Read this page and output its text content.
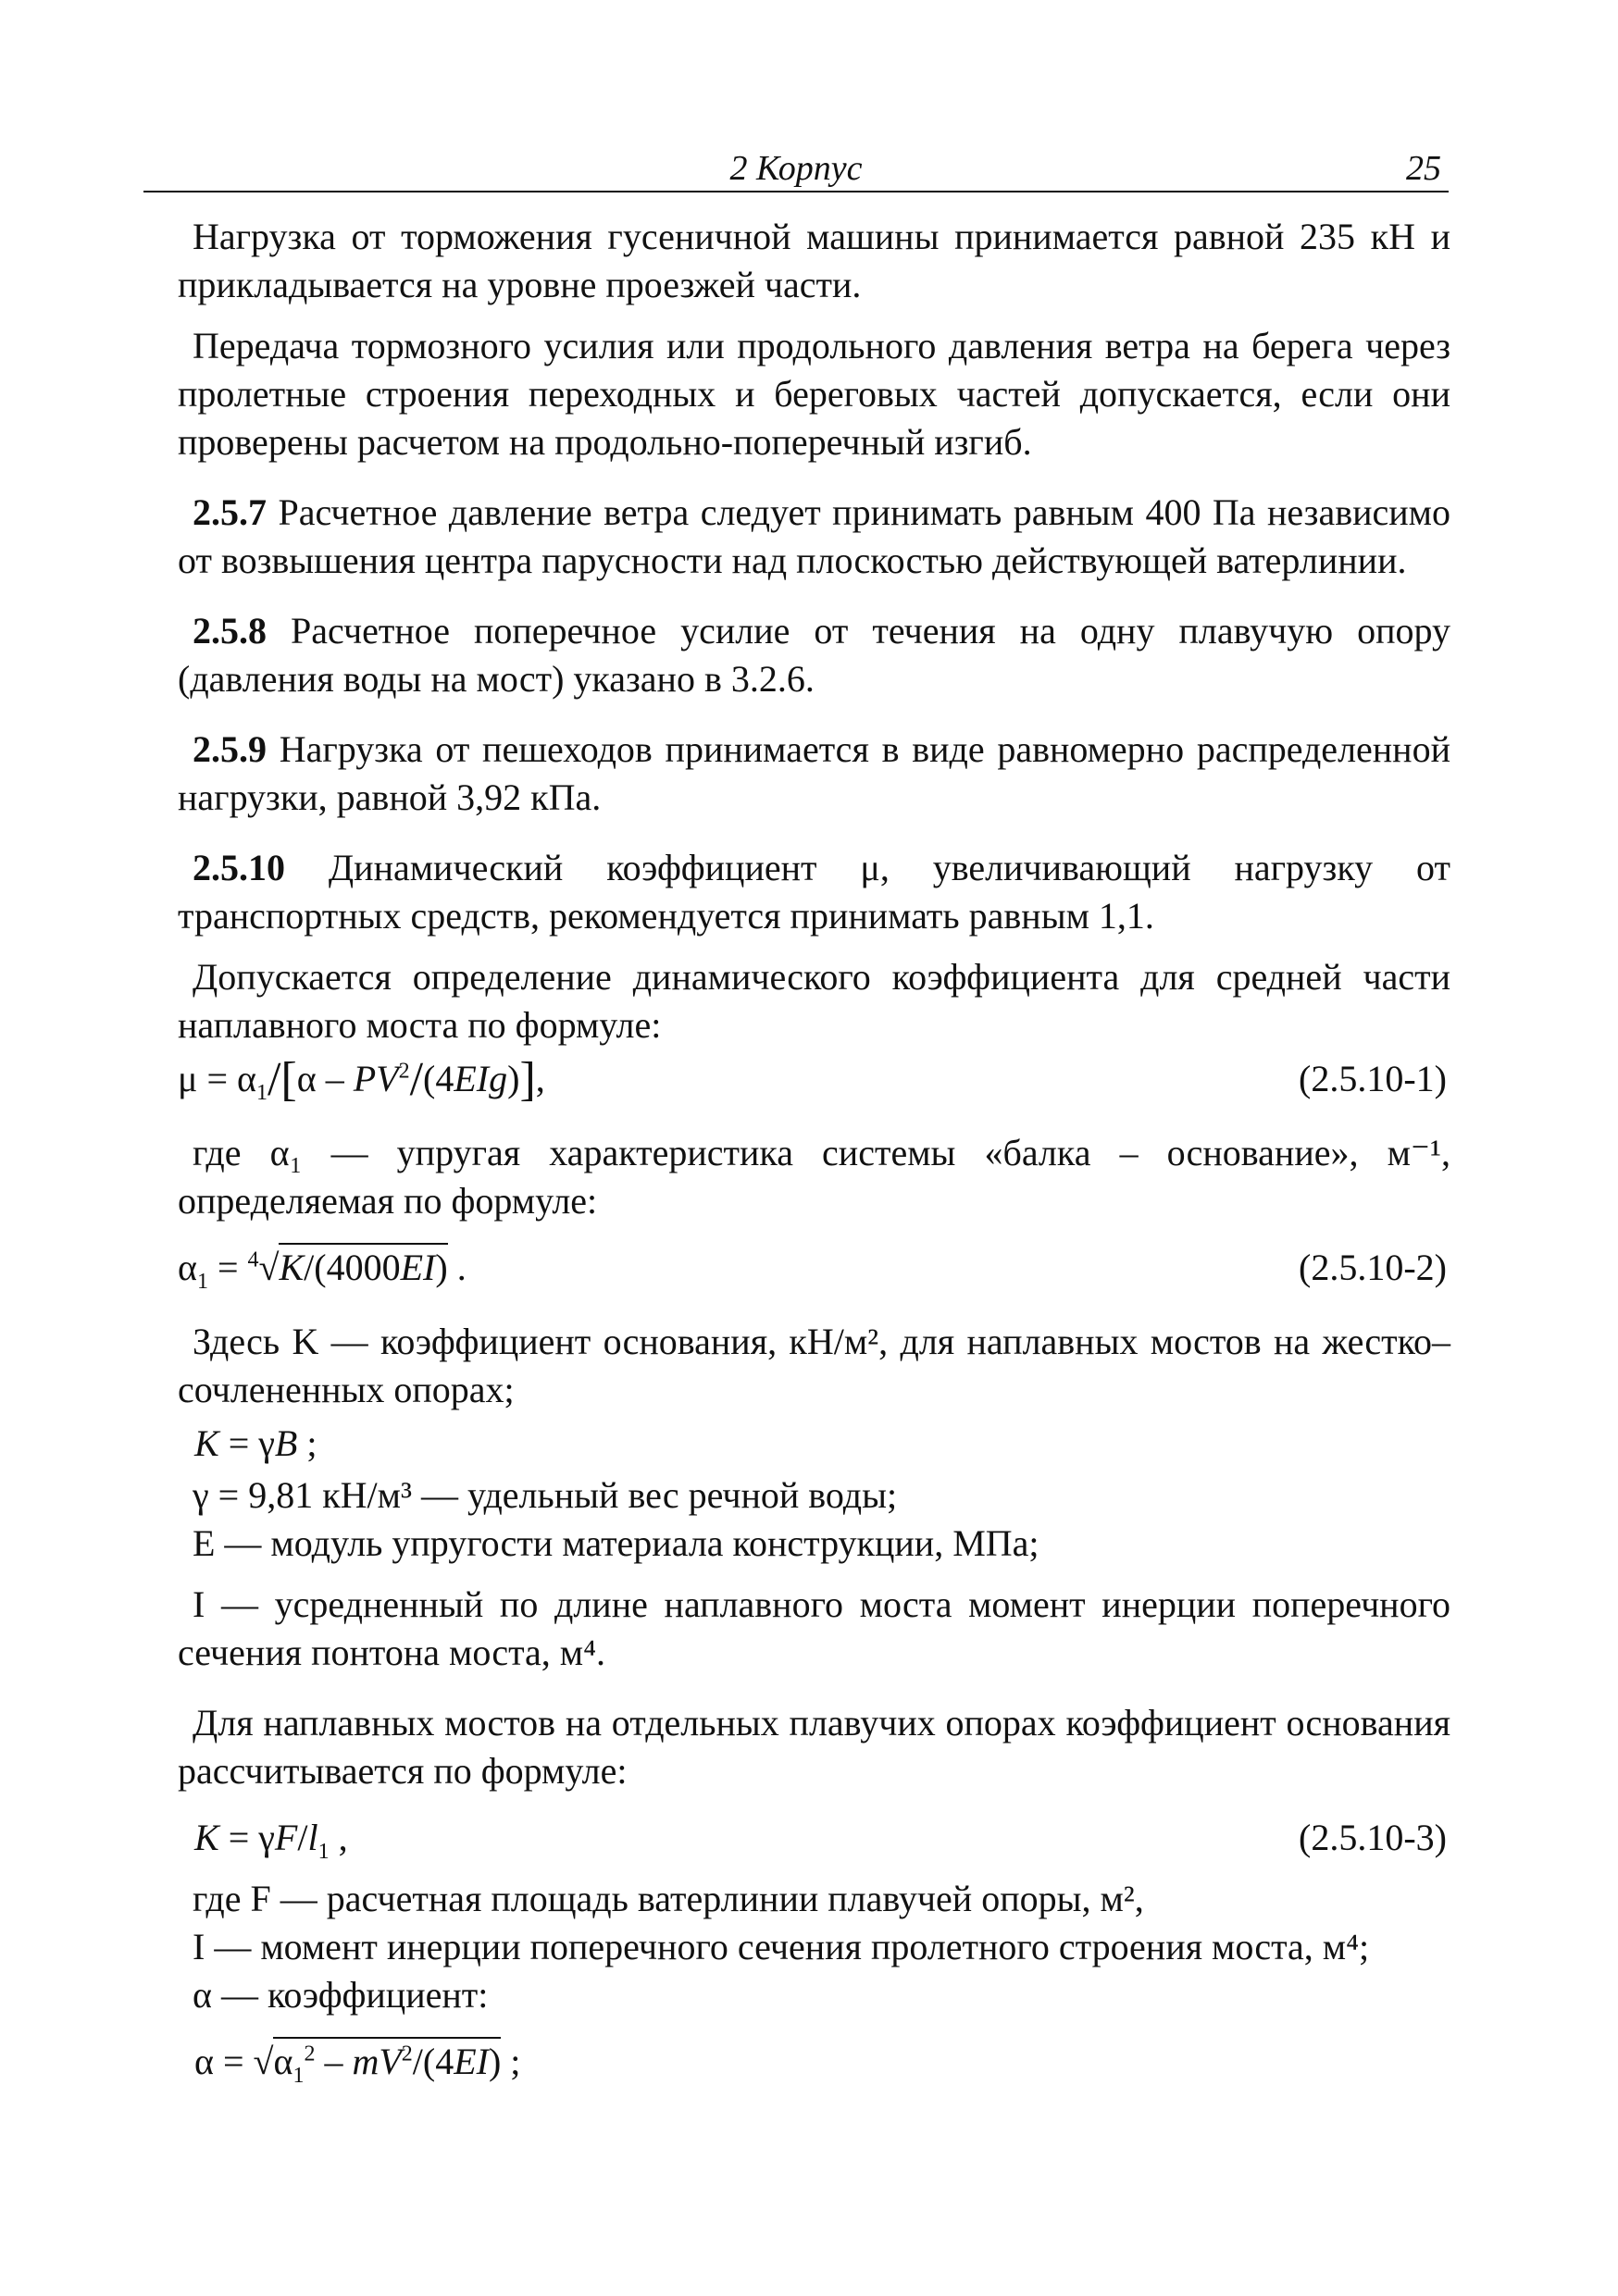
2 Корпус	25

Нагрузка от торможения гусеничной машины принимается равной 235 кН и прикладывается на уровне проезжей части.

Передача тормозного усилия или продольного давления ветра на берега через пролетные строения переходных и береговых частей допускается, если они проверены расчетом на продольно-поперечный изгиб.

2.5.7 Расчетное давление ветра следует принимать равным 400 Па независимо от возвышения центра парусности над плоскостью действующей ватерлинии.

2.5.8 Расчетное поперечное усилие от течения на одну плавучую опору (давления воды на мост) указано в 3.2.6.

2.5.9 Нагрузка от пешеходов принимается в виде равномерно распределенной нагрузки, равной 3,92 кПа.

2.5.10 Динамический коэффициент μ, увеличивающий нагрузку от транспортных средств, рекомендуется принимать равным 1,1.

Допускается определение динамического коэффициента для средней части наплавного моста по формуле:

$\mu = \alpha_1/[\alpha - PV^2/(4EIg)]$,	(2.5.10-1)

где α₁ — упругая характеристика системы «балка – основание», м⁻¹, определяемая по формуле:

$\alpha_1 = ^4√K/(4000EI)$ .	(2.5.10-2)

Здесь K — коэффициент основания, кН/м², для наплавных мостов на жестко–сочлененных опорах;

K = γB ;

γ = 9,81 кН/м³ — удельный вес речной воды;

E — модуль упругости материала конструкции, МПа;

I — усредненный по длине наплавного моста момент инерции поперечного сечения понтона моста, м⁴.

Для наплавных мостов на отдельных плавучих опорах коэффициент основания рассчитывается по формуле:

$K = \gamma F/l_1$ ,	(2.5.10-3)

где F — расчетная площадь ватерлинии плавучей опоры, м²,

I — момент инерции поперечного сечения пролетного строения моста, м⁴;

α — коэффициент:

$\alpha = √\alpha_1^2 - mV^2/(4EI)$ ;
